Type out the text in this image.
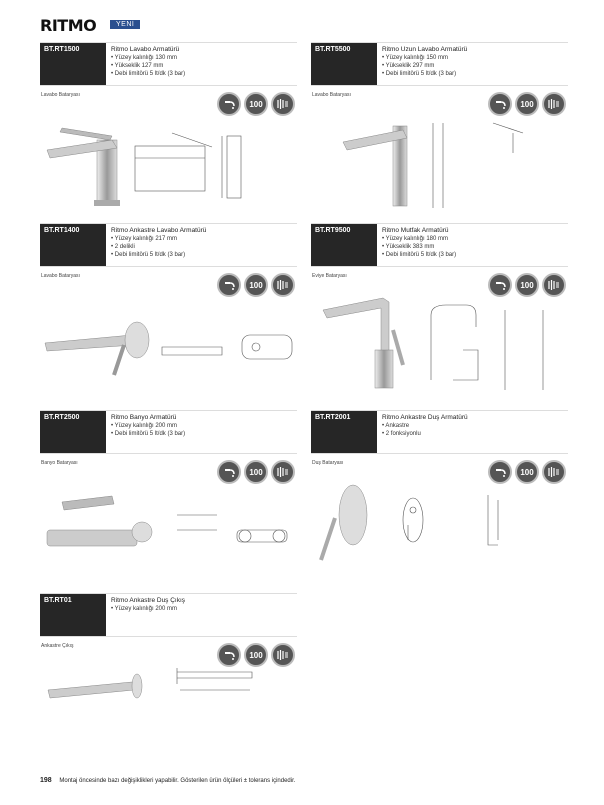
RITMO	YENİ
BT.RT1500	Ritmo Lavabo Armatürü
• Yüzey kalınlığı 130 mm
• Yükseklik 127 mm
• Debi limitörü 5 lt/dk (3 bar)
Lavabo Bataryası
100
BT.RT5500	Ritmo Uzun Lavabo Armatürü
• Yüzey kalınlığı 150 mm
• Yükseklik 297 mm
• Debi limitörü 5 lt/dk (3 bar)
Lavabo Bataryası
100
BT.RT1400	Ritmo Ankastre Lavabo Armatürü
• Yüzey kalınlığı 217 mm
• 2 delikli
• Debi limitörü 5 lt/dk (3 bar)
Lavabo Bataryası
100
BT.RT9500	Ritmo Mutfak Armatürü
• Yüzey kalınlığı 180 mm
• Yükseklik 383 mm
• Debi limitörü 5 lt/dk (3 bar)
Eviye Bataryası
100
BT.RT2500	Ritmo Banyo Armatürü
• Yüzey kalınlığı 200 mm
• Debi limitörü 5 lt/dk (3 bar)
Banyo Bataryası
100
BT.RT2001	Ritmo Ankastre Duş Armatürü
• Ankastre
• 2 fonksiyonlu
Duş Bataryası
100
BT.RT01	Ritmo Ankastre Duş Çıkış
• Yüzey kalınlığı 200 mm
Ankastre Çıkış
100
198 Montaj öncesinde bazı değişiklikleri yapabilir. Gösterilen ürün ölçüleri ± tolerans içindedir.
